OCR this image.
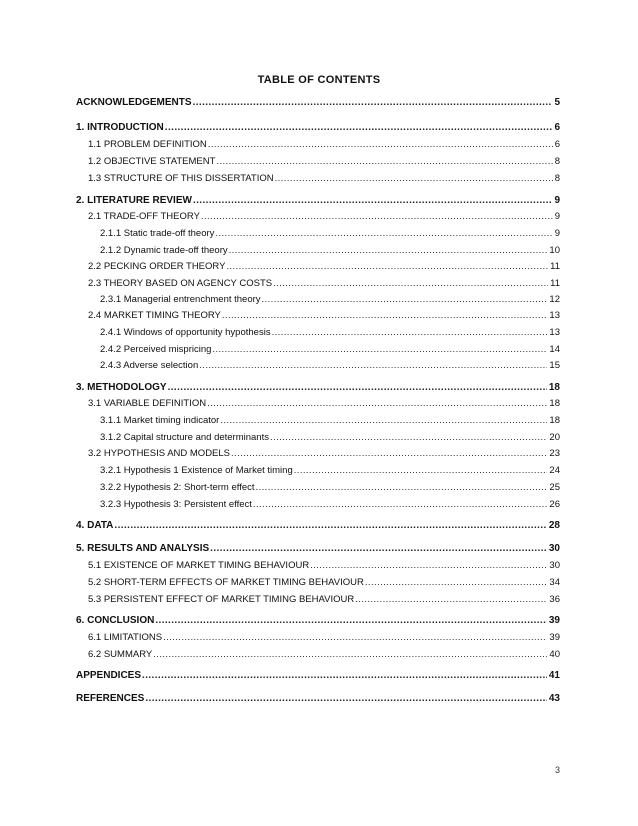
TABLE OF CONTENTS
ACKNOWLEDGEMENTS .....	5
1. INTRODUCTION .....	6
1.1 PROBLEM DEFINITION .....	6
1.2 OBJECTIVE STATEMENT .....	8
1.3 STRUCTURE OF THIS DISSERTATION .....	8
2. LITERATURE REVIEW .....	9
2.1 TRADE-OFF THEORY .....	9
2.1.1 Static trade-off theory .....	9
2.1.2 Dynamic trade-off theory .....	10
2.2 PECKING ORDER THEORY .....	11
2.3 THEORY BASED ON AGENCY COSTS .....	11
2.3.1 Managerial entrenchment theory .....	12
2.4 MARKET TIMING THEORY .....	13
2.4.1 Windows of opportunity hypothesis .....	13
2.4.2 Perceived mispricing .....	14
2.4.3 Adverse selection .....	15
3. METHODOLOGY .....	18
3.1 VARIABLE DEFINITION .....	18
3.1.1 Market timing indicator .....	18
3.1.2 Capital structure and determinants .....	20
3.2 HYPOTHESIS AND MODELS .....	23
3.2.1 Hypothesis 1 Existence of Market timing .....	24
3.2.2 Hypothesis 2: Short-term effect .....	25
3.2.3 Hypothesis 3: Persistent effect .....	26
4. DATA .....	28
5. RESULTS AND ANALYSIS .....	30
5.1 EXISTENCE OF MARKET TIMING BEHAVIOUR .....	30
5.2 SHORT-TERM EFFECTS OF MARKET TIMING BEHAVIOUR .....	34
5.3 PERSISTENT EFFECT OF MARKET TIMING BEHAVIOUR .....	36
6. CONCLUSION .....	39
6.1 LIMITATIONS .....	39
6.2 SUMMARY .....	40
APPENDICES .....	41
REFERENCES .....	43
3
